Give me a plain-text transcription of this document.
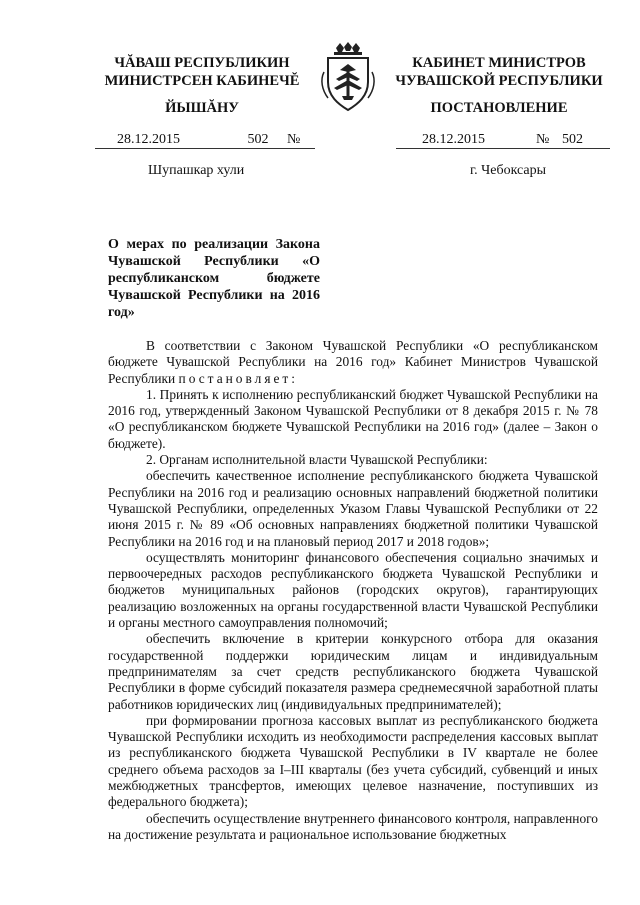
ЧĂВАШ РЕСПУБЛИКИН
МИНИСТРСЕН КАБИНЕЧĔ
ЙЫШĂНУ
КАБИНЕТ МИНИСТРОВ
ЧУВАШСКОЙ РЕСПУБЛИКИ
ПОСТАНОВЛЕНИЕ
28.12.2015	502	№	28.12.2015	№ 502
Шупашкар хули	г. Чебоксары
О мерах по реализации Закона Чувашской Республики «О республиканском бюджете Чувашской Республики на 2016 год»

В соответствии с Законом Чувашской Республики «О республиканском бюджете Чувашской Республики на 2016 год» Кабинет Министров Чувашской Республики постановляет:

1. Принять к исполнению республиканский бюджет Чувашской Республики на 2016 год, утвержденный Законом Чувашской Республики от 8 декабря 2015 г. № 78 «О республиканском бюджете Чувашской Республики на 2016 год» (далее – Закон о бюджете).

2. Органам исполнительной власти Чувашской Республики:

обеспечить качественное исполнение республиканского бюджета Чувашской Республики на 2016 год и реализацию основных направлений бюджетной политики Чувашской Республики, определенных Указом Главы Чувашской Республики от 22 июня 2015 г. № 89 «Об основных направлениях бюджетной политики Чувашской Республики на 2016 год и на плановый период 2017 и 2018 годов»;

осуществлять мониторинг финансового обеспечения социально значимых и первоочередных расходов республиканского бюджета Чувашской Республики и бюджетов муниципальных районов (городских округов), гарантирующих реализацию возложенных на органы государственной власти Чувашской Республики и органы местного самоуправления полномочий;

обеспечить включение в критерии конкурсного отбора для оказания государственной поддержки юридическим лицам и индивидуальным предпринимателям за счет средств республиканского бюджета Чувашской Республики в форме субсидий показателя размера среднемесячной заработной платы работников юридических лиц (индивидуальных предпринимателей);

при формировании прогноза кассовых выплат из республиканского бюджета Чувашской Республики исходить из необходимости распределения кассовых выплат из республиканского бюджета Чувашской Республики в IV квартале не более среднего объема расходов за I–III кварталы (без учета субсидий, субвенций и иных межбюджетных трансфертов, имеющих целевое назначение, поступивших из федерального бюджета);

обеспечить осуществление внутреннего финансового контроля, направленного на достижение результата и рациональное использование бюджетных
